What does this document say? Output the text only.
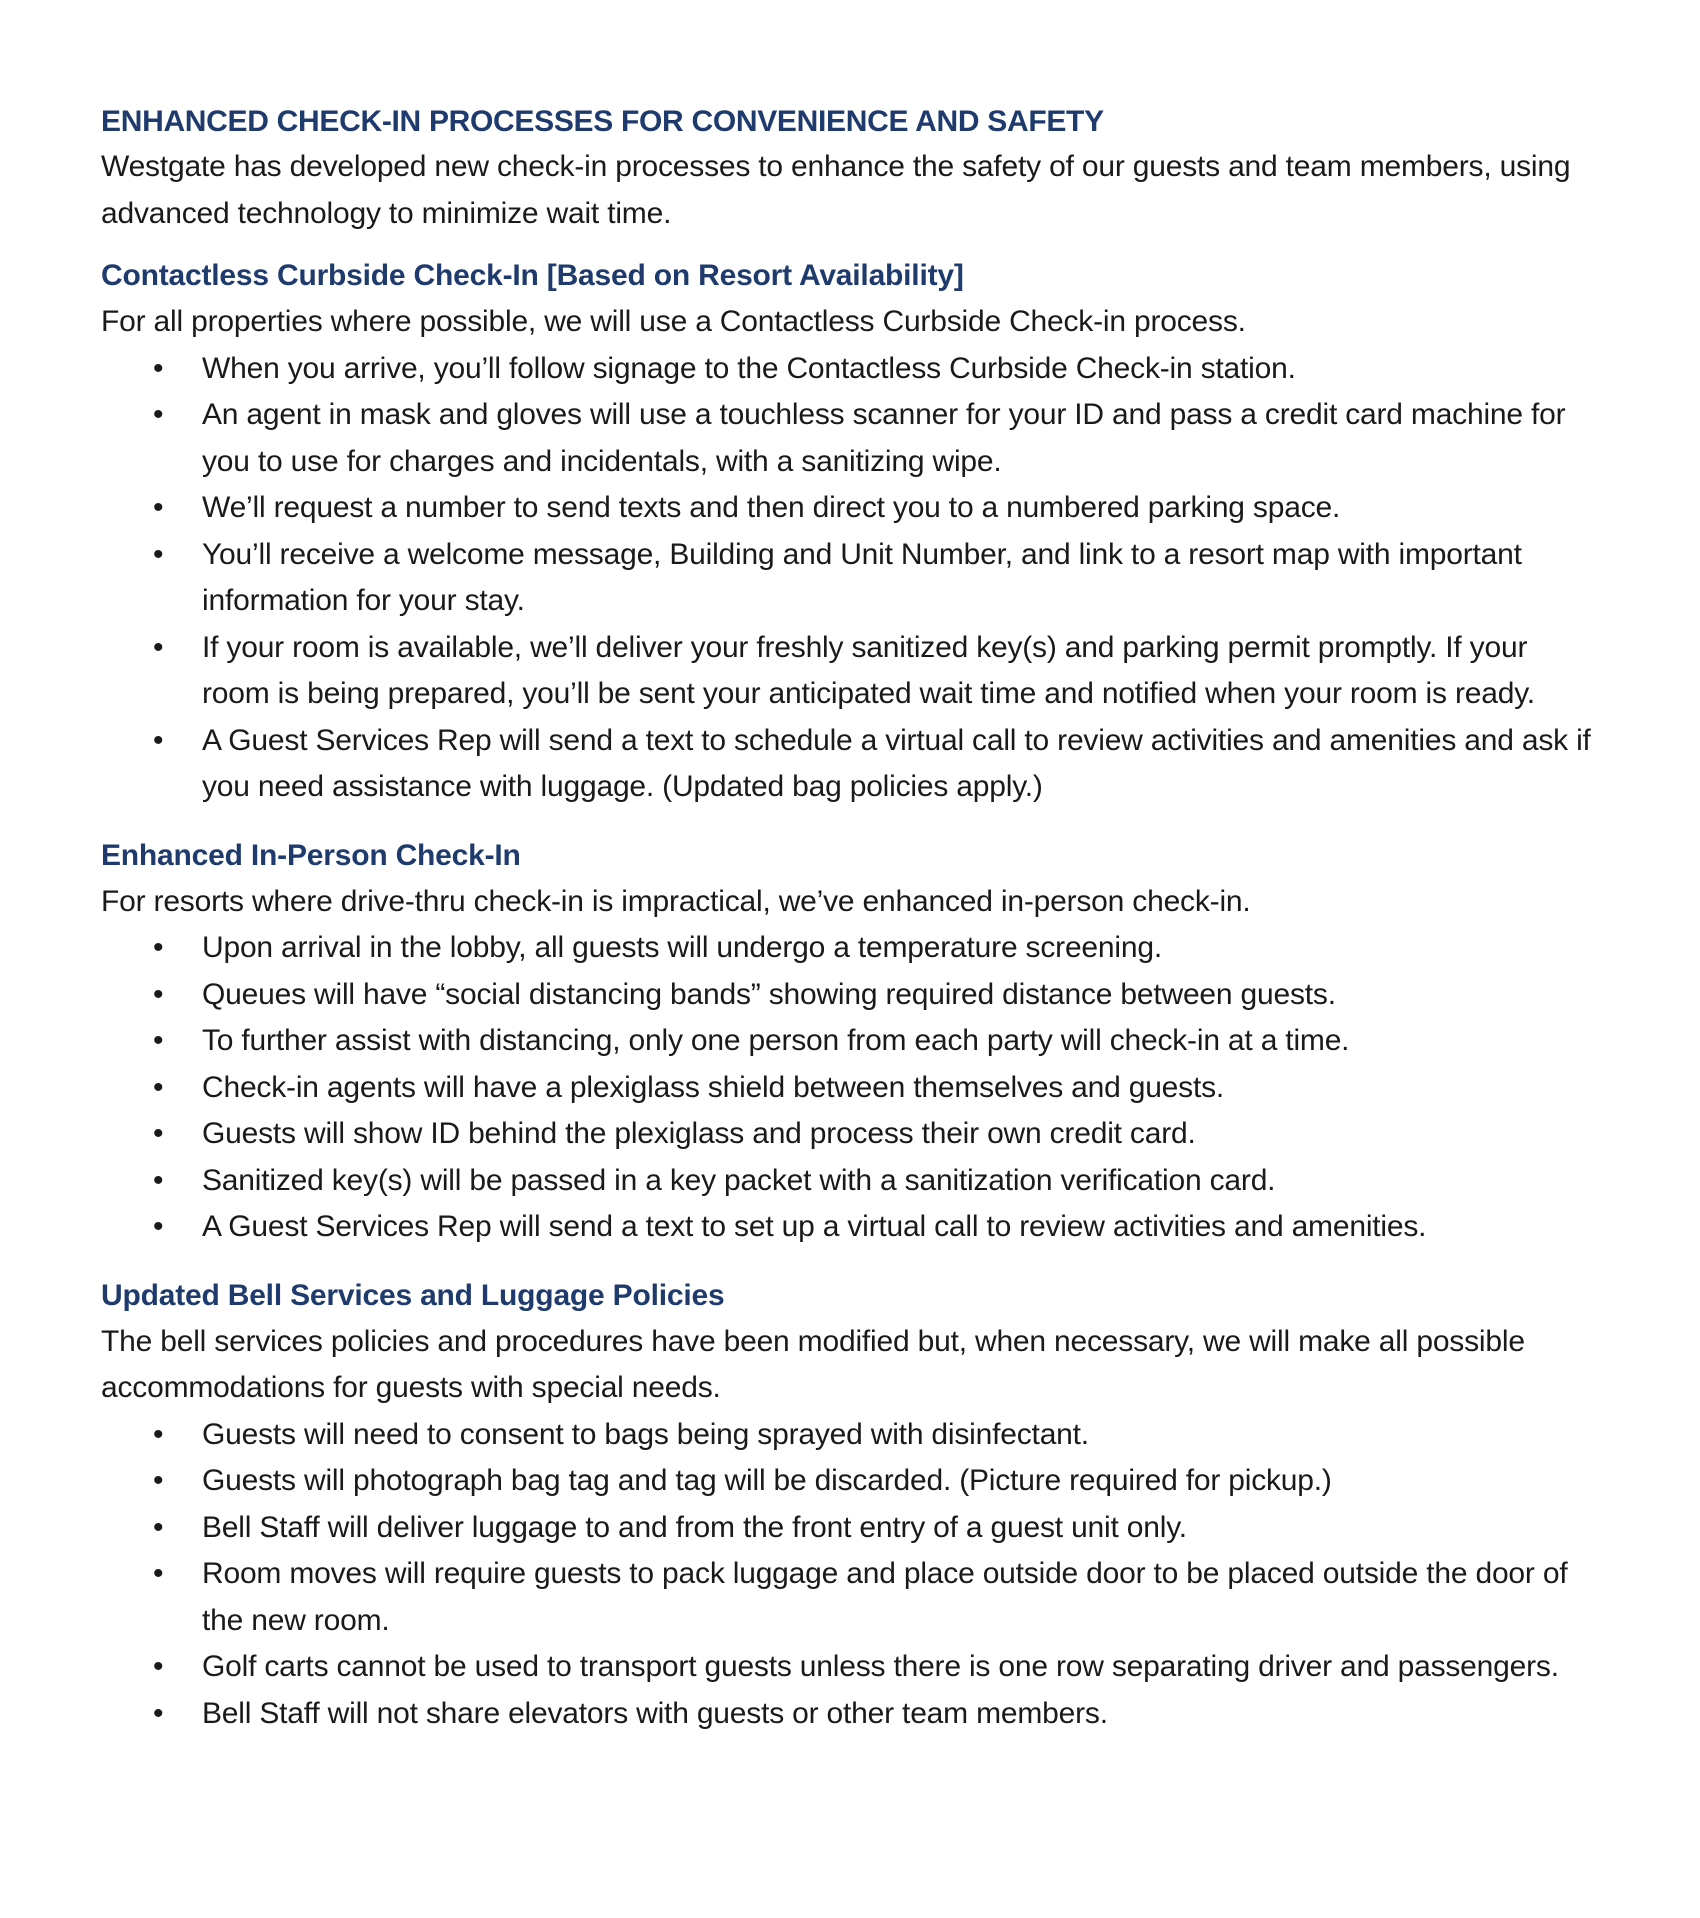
ENHANCED CHECK-IN PROCESSES FOR CONVENIENCE AND SAFETY

Westgate has developed new check-in processes to enhance the safety of our guests and team members, using advanced technology to minimize wait time.

Contactless Curbside Check-In [Based on Resort Availability]

For all properties where possible, we will use a Contactless Curbside Check-in process.

• When you arrive, you’ll follow signage to the Contactless Curbside Check-in station.
• An agent in mask and gloves will use a touchless scanner for your ID and pass a credit card machine for you to use for charges and incidentals, with a sanitizing wipe.
• We’ll request a number to send texts and then direct you to a numbered parking space.
• You’ll receive a welcome message, Building and Unit Number, and link to a resort map with important information for your stay.
• If your room is available, we’ll deliver your freshly sanitized key(s) and parking permit promptly. If your room is being prepared, you’ll be sent your anticipated wait time and notified when your room is ready.
• A Guest Services Rep will send a text to schedule a virtual call to review activities and amenities and ask if you need assistance with luggage. (Updated bag policies apply.)
Enhanced In-Person Check-In

For resorts where drive-thru check-in is impractical, we’ve enhanced in-person check-in.

• Upon arrival in the lobby, all guests will undergo a temperature screening.
• Queues will have “social distancing bands” showing required distance between guests.
• To further assist with distancing, only one person from each party will check-in at a time.
• Check-in agents will have a plexiglass shield between themselves and guests.
• Guests will show ID behind the plexiglass and process their own credit card.
• Sanitized key(s) will be passed in a key packet with a sanitization verification card.
• A Guest Services Rep will send a text to set up a virtual call to review activities and amenities.
Updated Bell Services and Luggage Policies

The bell services policies and procedures have been modified but, when necessary, we will make all possible accommodations for guests with special needs.

• Guests will need to consent to bags being sprayed with disinfectant.
• Guests will photograph bag tag and tag will be discarded. (Picture required for pickup.)
• Bell Staff will deliver luggage to and from the front entry of a guest unit only.
• Room moves will require guests to pack luggage and place outside door to be placed outside the door of the new room.
• Golf carts cannot be used to transport guests unless there is one row separating driver and passengers.
• Bell Staff will not share elevators with guests or other team members.
